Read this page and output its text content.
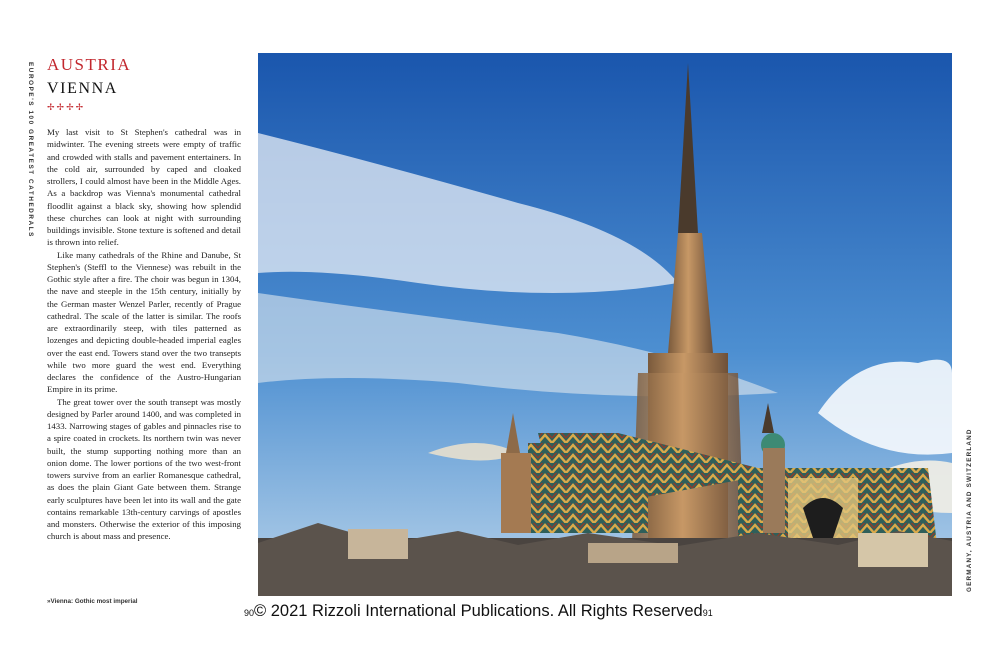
EUROPE'S 100 GREATEST CATHEDRALS
GERMANY, AUSTRIA AND SWITZERLAND
AUSTRIA
VIENNA
✢✢✢✢

My last visit to St Stephen's cathedral was in midwinter. The evening streets were empty of traffic and crowded with stalls and pavement entertainers. In the cold air, surrounded by caped and cloaked strollers, I could almost have been in the Middle Ages. As a backdrop was Vienna's monumental cathedral floodlit against a black sky, showing how splendid these churches can look at night with surrounding buildings invisible. Stone texture is softened and detail is thrown into relief.

Like many cathedrals of the Rhine and Danube, St Stephen's (Steffl to the Viennese) was rebuilt in the Gothic style after a fire. The choir was begun in 1304, the nave and steeple in the 15th century, initially by the German master Wenzel Parler, recently of Prague cathedral. The scale of the latter is similar. The roofs are extraordinarily steep, with tiles patterned as lozenges and depicting double-headed imperial eagles over the east end. Towers stand over the two transepts while two more guard the west end. Everything declares the confidence of the Austro-Hungarian Empire in its prime.

The great tower over the south transept was mostly designed by Parler around 1400, and was completed in 1433. Narrowing stages of gables and pinnacles rise to a spire coated in crockets. Its northern twin was never built, the stump supporting nothing more than an onion dome. The lower portions of the two west-front towers survive from an earlier Romanesque cathedral, as does the plain Giant Gate between them. Strange early sculptures have been let into its wall and the gate contains remarkable 13th-century carvings of apostles and monsters. Otherwise the exterior of this imposing church is about mass and presence.

»Vienna: Gothic most imperial
90© 2021 Rizzoli International Publications. All Rights Reserved91
